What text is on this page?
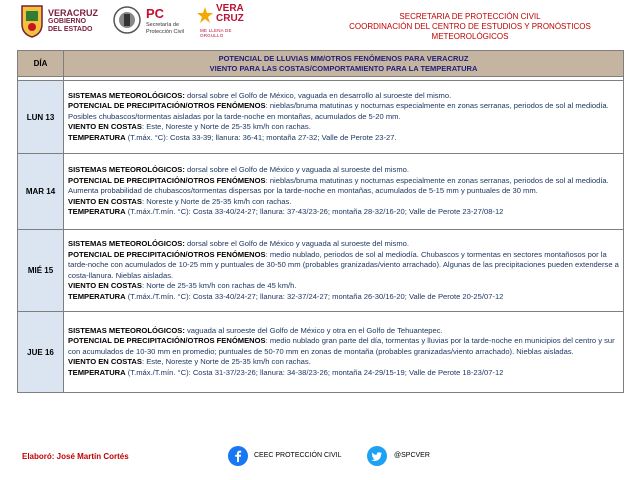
VERACRUZ
GOBIERNO
DEL ESTADO
PC
Secretaría de
Protección Civil
VERA
CRUZ
ME LLENA DE ORGULLO
SECRETARIA DE PROTECCIÓN CIVIL
COORDINACIÓN DEL CENTRO DE ESTUDIOS Y PRONÓSTICOS METEOROLÓGICOS
DÍA	POTENCIAL DE LLUVIAS MM/OTROS FENÓMENOS PARA VERACRUZ
VIENTO PARA LAS COSTAS/COMPORTAMIENTO PARA LA TEMPERATURA

LUN 13	SISTEMAS METEOROLÓGICOS: dorsal sobre el Golfo de México, vaguada en desarrollo al suroeste del mismo.

POTENCIAL DE PRECIPITACIÓN/OTROS FENÓMENOS: nieblas/bruma matutinas y nocturnas especialmente en zonas serranas, periodos de sol al mediodía. Posibles chubascos/tormentas aisladas por la tarde-noche en montañas, acumulados de 5-20 mm.

VIENTO EN COSTAS: Este, Noreste y Norte de 25-35 km/h con rachas.

TEMPERATURA (T.máx. °C): Costa 33-39; llanura: 36-41; montaña 27-32; Valle de Perote 23-27.

MAR 14	SISTEMAS METEOROLÓGICOS: dorsal sobre el Golfo de México y vaguada al suroeste del mismo.

POTENCIAL DE PRECIPITACIÓN/OTROS FENÓMENOS: nieblas/bruma matutinas y nocturnas especialmente en zonas serranas, periodos de sol al mediodía. Aumenta probabilidad de chubascos/tormentas dispersas por la tarde-noche en montañas, acumulados de 5-15 mm y puntuales de 30 mm.

VIENTO EN COSTAS: Noreste y Norte de 25-35 km/h con rachas.

TEMPERATURA (T.máx./T.mín. °C): Costa 33-40/24-27; llanura: 37-43/23-26; montaña 28-32/16-20; Valle de Perote 23-27/08-12

MIÉ 15	SISTEMAS METEOROLÓGICOS: dorsal sobre el Golfo de México y vaguada al suroeste del mismo.

POTENCIAL DE PRECIPITACIÓN/OTROS FENÓMENOS: medio nublado, periodos de sol al mediodía. Chubascos y tormentas en sectores montañosos por la tarde-noche con acumulados de 10-25 mm y puntuales de 30-50 mm (probables granizadas/viento arrachado). Algunas de las precipitaciones pueden extenderse a costa-llanura. Nieblas aisladas.

VIENTO EN COSTAS: Norte de 25-35 km/h con rachas de 45 km/h.

TEMPERATURA (T.máx./T.mín. °C): Costa 33-40/24-27; llanura: 32-37/24-27; montaña 26-30/16-20; Valle de Perote 20-25/07-12

JUE 16	SISTEMAS METEOROLÓGICOS: vaguada al suroeste del Golfo de México y otra en el Golfo de Tehuantepec.

POTENCIAL DE PRECIPITACIÓN/OTROS FENÓMENOS: medio nublado gran parte del día, tormentas y lluvias por la tarde-noche en municipios del centro y sur con acumulados de 10-30 mm en promedio; puntuales de 50-70 mm en zonas de montaña (probables granizadas/viento arrachado). Nieblas aisladas.

VIENTO EN COSTAS: Este, Noreste y Norte de 25-35 km/h con rachas.

TEMPERATURA (T.máx./T.mín. °C): Costa 31-37/23-26; llanura: 34-38/23-26; montaña 24-29/15-19; Valle de Perote 18-23/07-12

Elaboró: José Martín Cortés	CEEC PROTECCIÓN CIVIL	@SPCVER
